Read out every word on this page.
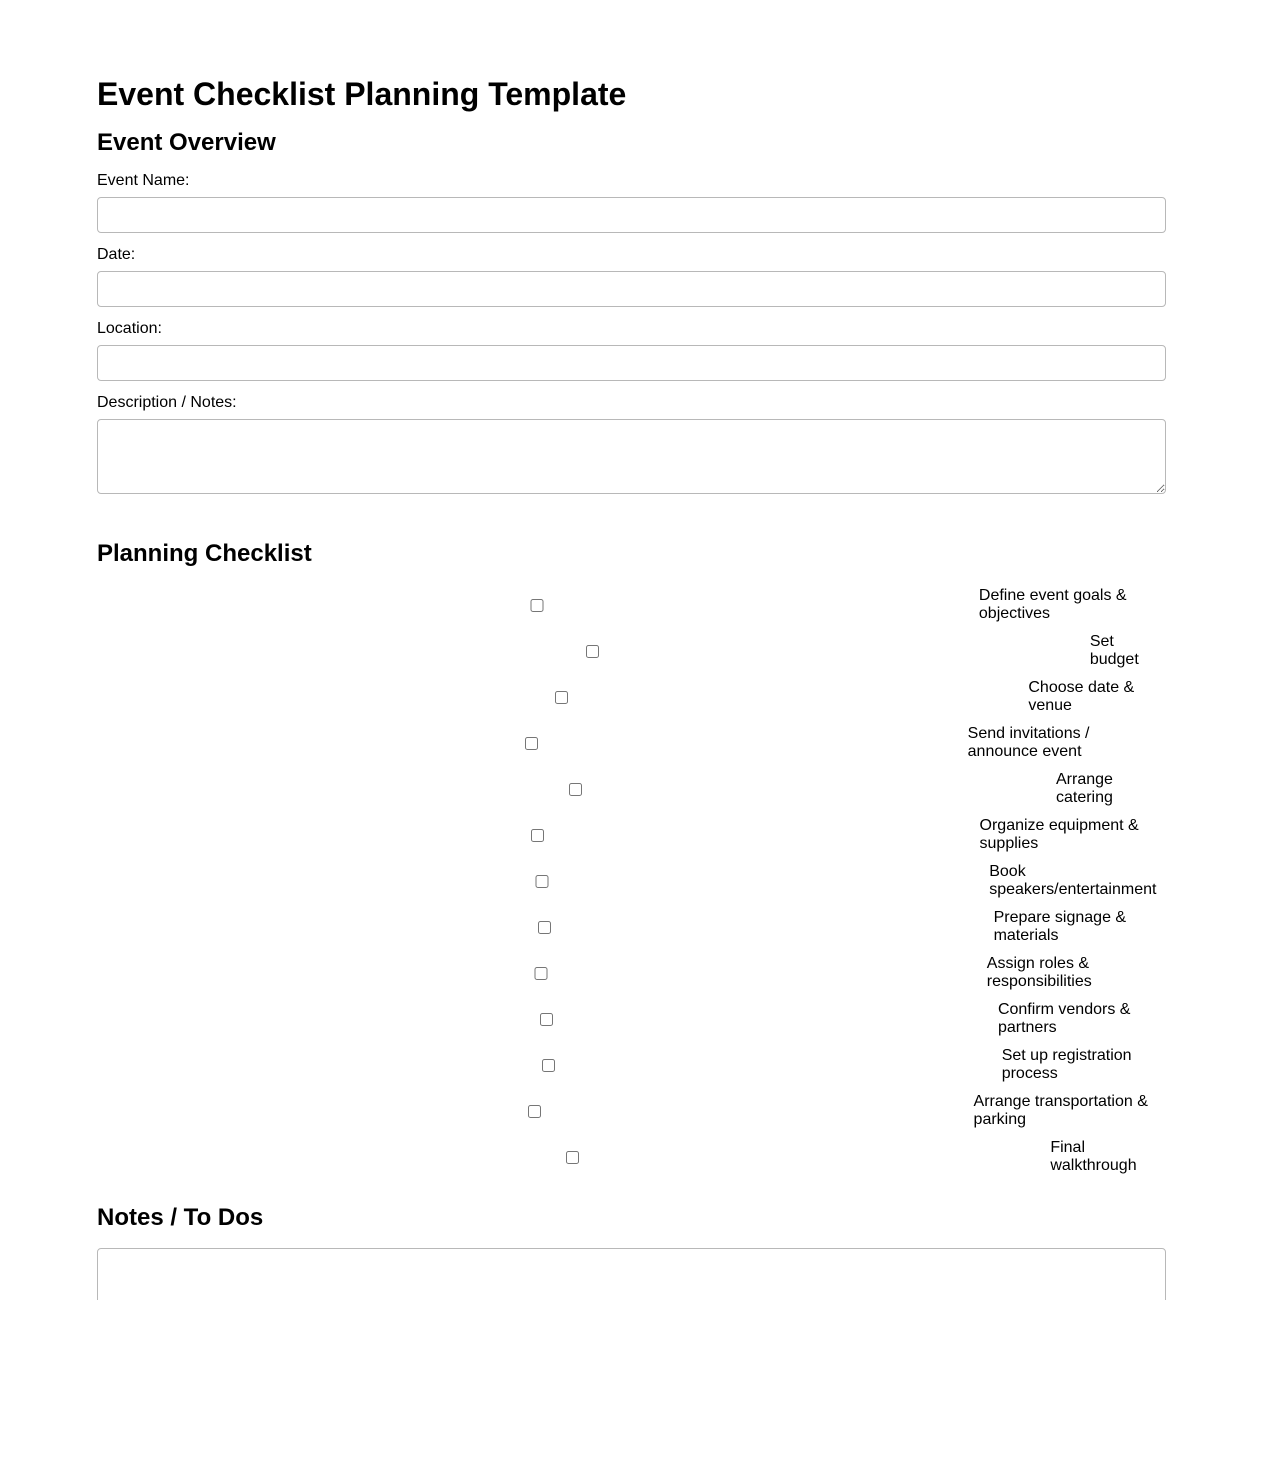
Event Checklist Planning Template
Event Overview
Event Name:
Date:
Location:
Description / Notes:
Planning Checklist
Define event goals & objectives
Set budget
Choose date & venue
Send invitations / announce event
Arrange catering
Organize equipment & supplies
Book speakers/entertainment
Prepare signage & materials
Assign roles & responsibilities
Confirm vendors & partners
Set up registration process
Arrange transportation & parking
Final walkthrough
Notes / To Dos
